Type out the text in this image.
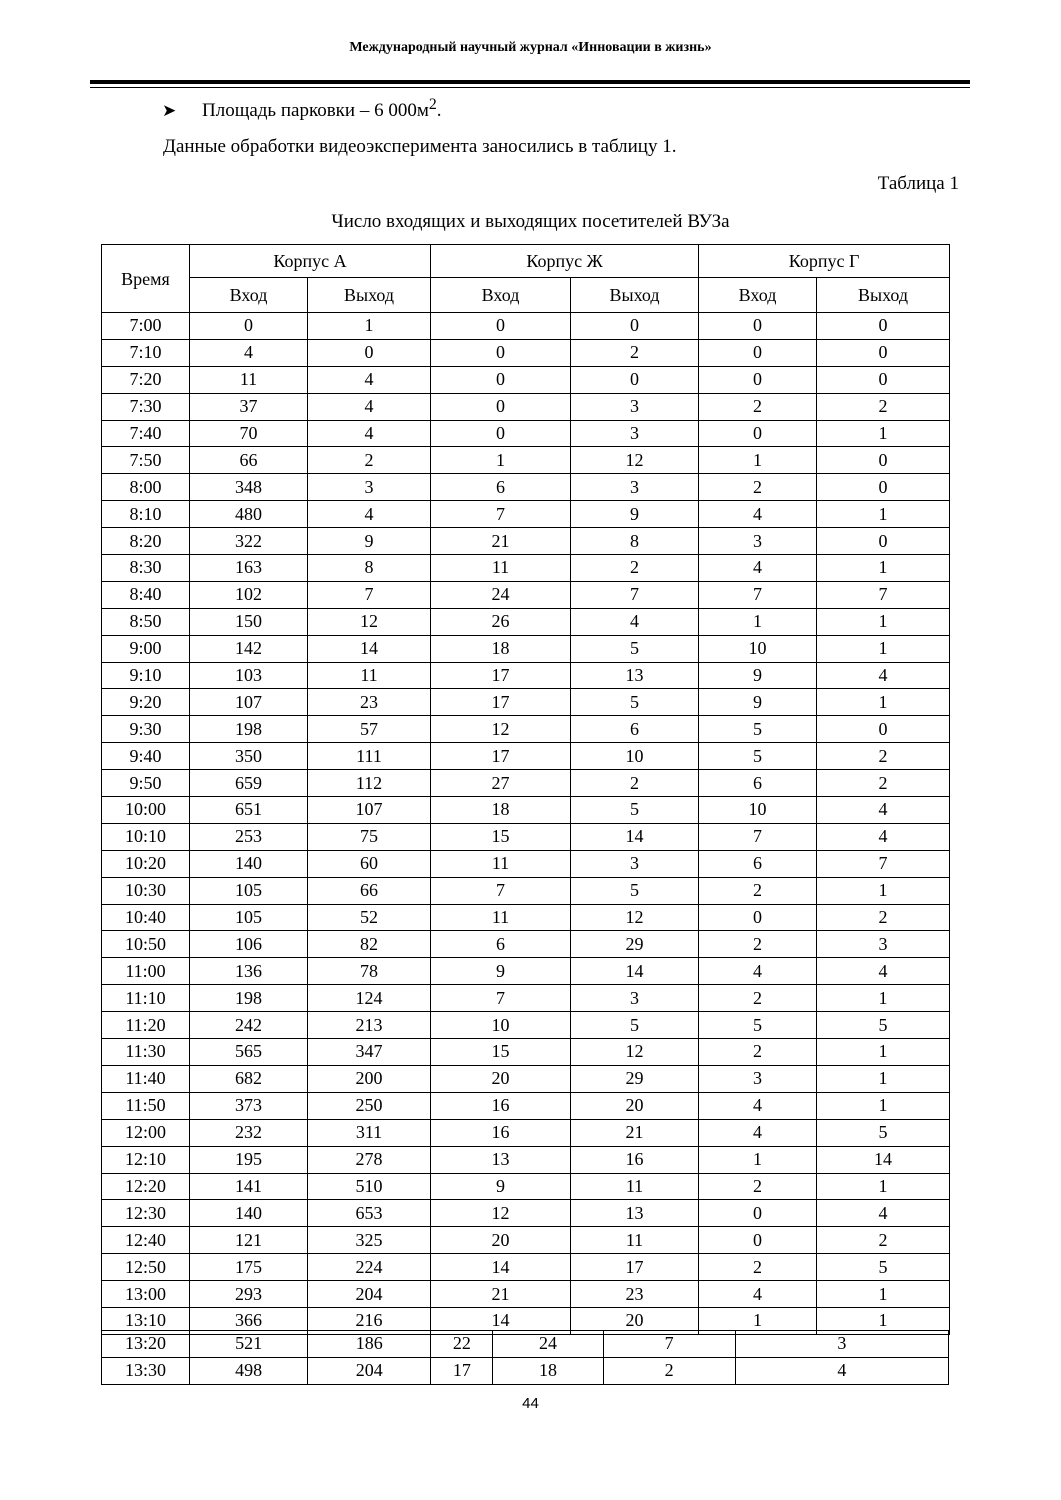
Международный научный журнал «Инновации в жизнь»
➤ Площадь парковки – 6 $000м^2$.
Данные обработки видеоэксперимента заносились в таблицу 1.
Таблица 1
Число входящих и выходящих посетителей ВУЗа
Время	Корпус А		Корпус Ж		Корпус Г	
	Вход	Выход	Вход	Выход	Вход	Выход
7:00	0	1	0	0	0	0
7:10	4	0	0	2	0	0
7:20	11	4	0	0	0	0
7:30	37	4	0	3	2	2
7:40	70	4	0	3	0	1
7:50	66	2	1	12	1	0
8:00	348	3	6	3	2	0
8:10	480	4	7	9	4	1
8:20	322	9	21	8	3	0
8:30	163	8	11	2	4	1
8:40	102	7	24	7	7	7
8:50	150	12	26	4	1	1
9:00	142	14	18	5	10	1
9:10	103	11	17	13	9	4
9:20	107	23	17	5	9	1
9:30	198	57	12	6	5	0
9:40	350	111	17	10	5	2
9:50	659	112	27	2	6	2
10:00	651	107	18	5	10	4
10:10	253	75	15	14	7	4
10:20	140	60	11	3	6	7
10:30	105	66	7	5	2	1
10:40	105	52	11	12	0	2
10:50	106	82	6	29	2	3
11:00	136	78	9	14	4	4
11:10	198	124	7	3	2	1
11:20	242	213	10	5	5	5
11:30	565	347	15	12	2	1
11:40	682	200	20	29	3	1
11:50	373	250	16	20	4	1
12:00	232	311	16	21	4	5
12:10	195	278	13	16	1	14
12:20	141	510	9	11	2	1
12:30	140	653	12	13	0	4
12:40	121	325	20	11	0	2
12:50	175	224	14	17	2	5
13:00	293	204	21	23	4	1
13:10	366	216	14	20	1	1
13:20	521	186	22	24	7	3
13:30	498	204	17	18	2	4
44
